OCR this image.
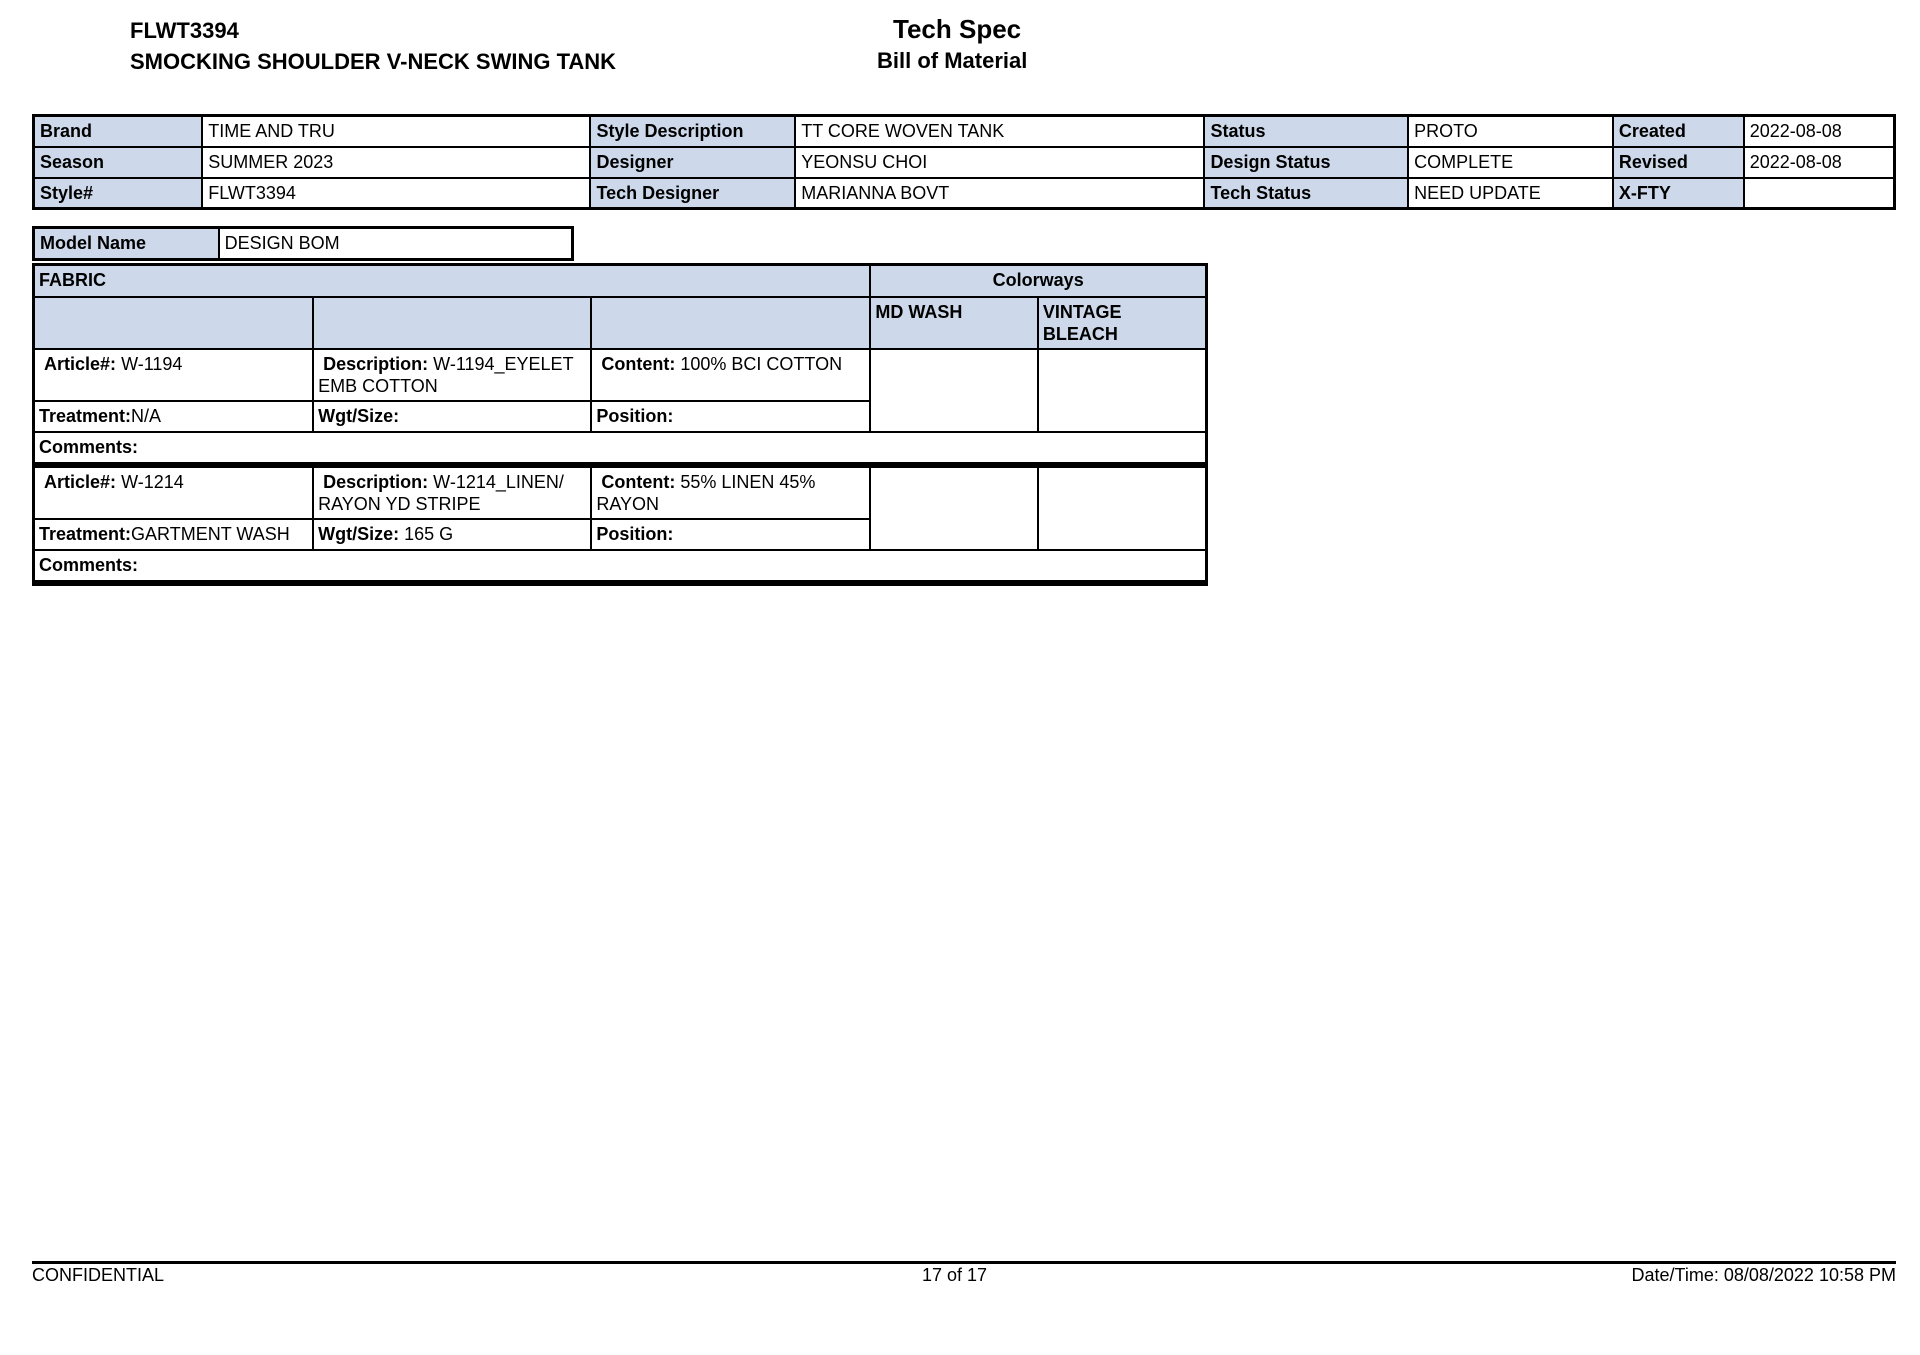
FLWT3394
SMOCKING SHOULDER V-NECK SWING TANK
Tech Spec
Bill of Material
Brand	TIME AND TRU	Style Description	TT CORE WOVEN TANK	Status	PROTO	Created	2022-08-08
Season	SUMMER 2023	Designer	YEONSU CHOI	Design Status	COMPLETE	Revised	2022-08-08
Style#	FLWT3394	Tech Designer	MARIANNA BOVT	Tech Status	NEED UPDATE	X-FTY	
Model Name	DESIGN BOM
FABRIC			Colorways	
			MD WASH	VINTAGE BLEACH
Article#: W-1194	Description: W-1194_EYELET EMB COTTON	Content: 100% BCI COTTON		
Treatment:N/A	Wgt/Size:	Position:		
Comments:				
Article#: W-1214	Description: W-1214_LINEN/ RAYON YD STRIPE	Content: 55% LINEN 45% RAYON		
Treatment:GARTMENT WASH	Wgt/Size: 165 G	Position:		
Comments:				
CONFIDENTIAL	17 of 17	Date/Time: 08/08/2022 10:58 PM
